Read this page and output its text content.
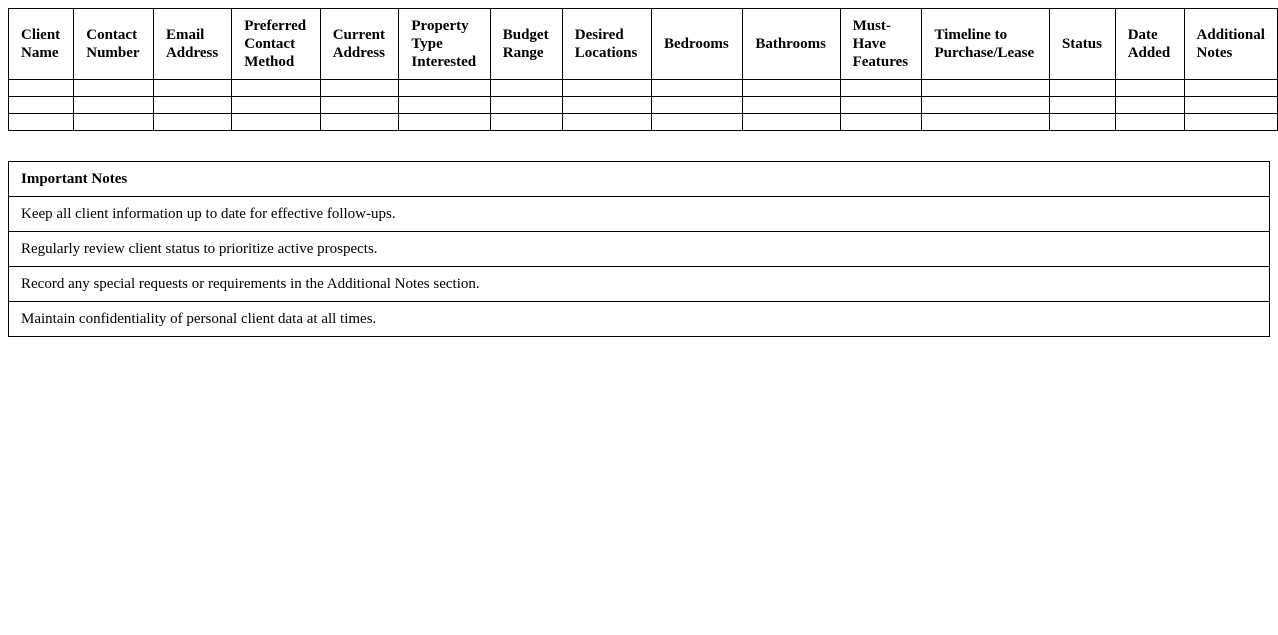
Client Name	Contact Number	Email Address	Preferred Contact Method	Current Address	Property Type Interested	Budget Range	Desired Locations	Bedrooms	Bathrooms	Must-Have Features	Timeline to Purchase/Lease	Status	Date Added	Additional Notes

Important Notes
Keep all client information up to date for effective follow-ups.
Regularly review client status to prioritize active prospects.
Record any special requests or requirements in the Additional Notes section.
Maintain confidentiality of personal client data at all times.
